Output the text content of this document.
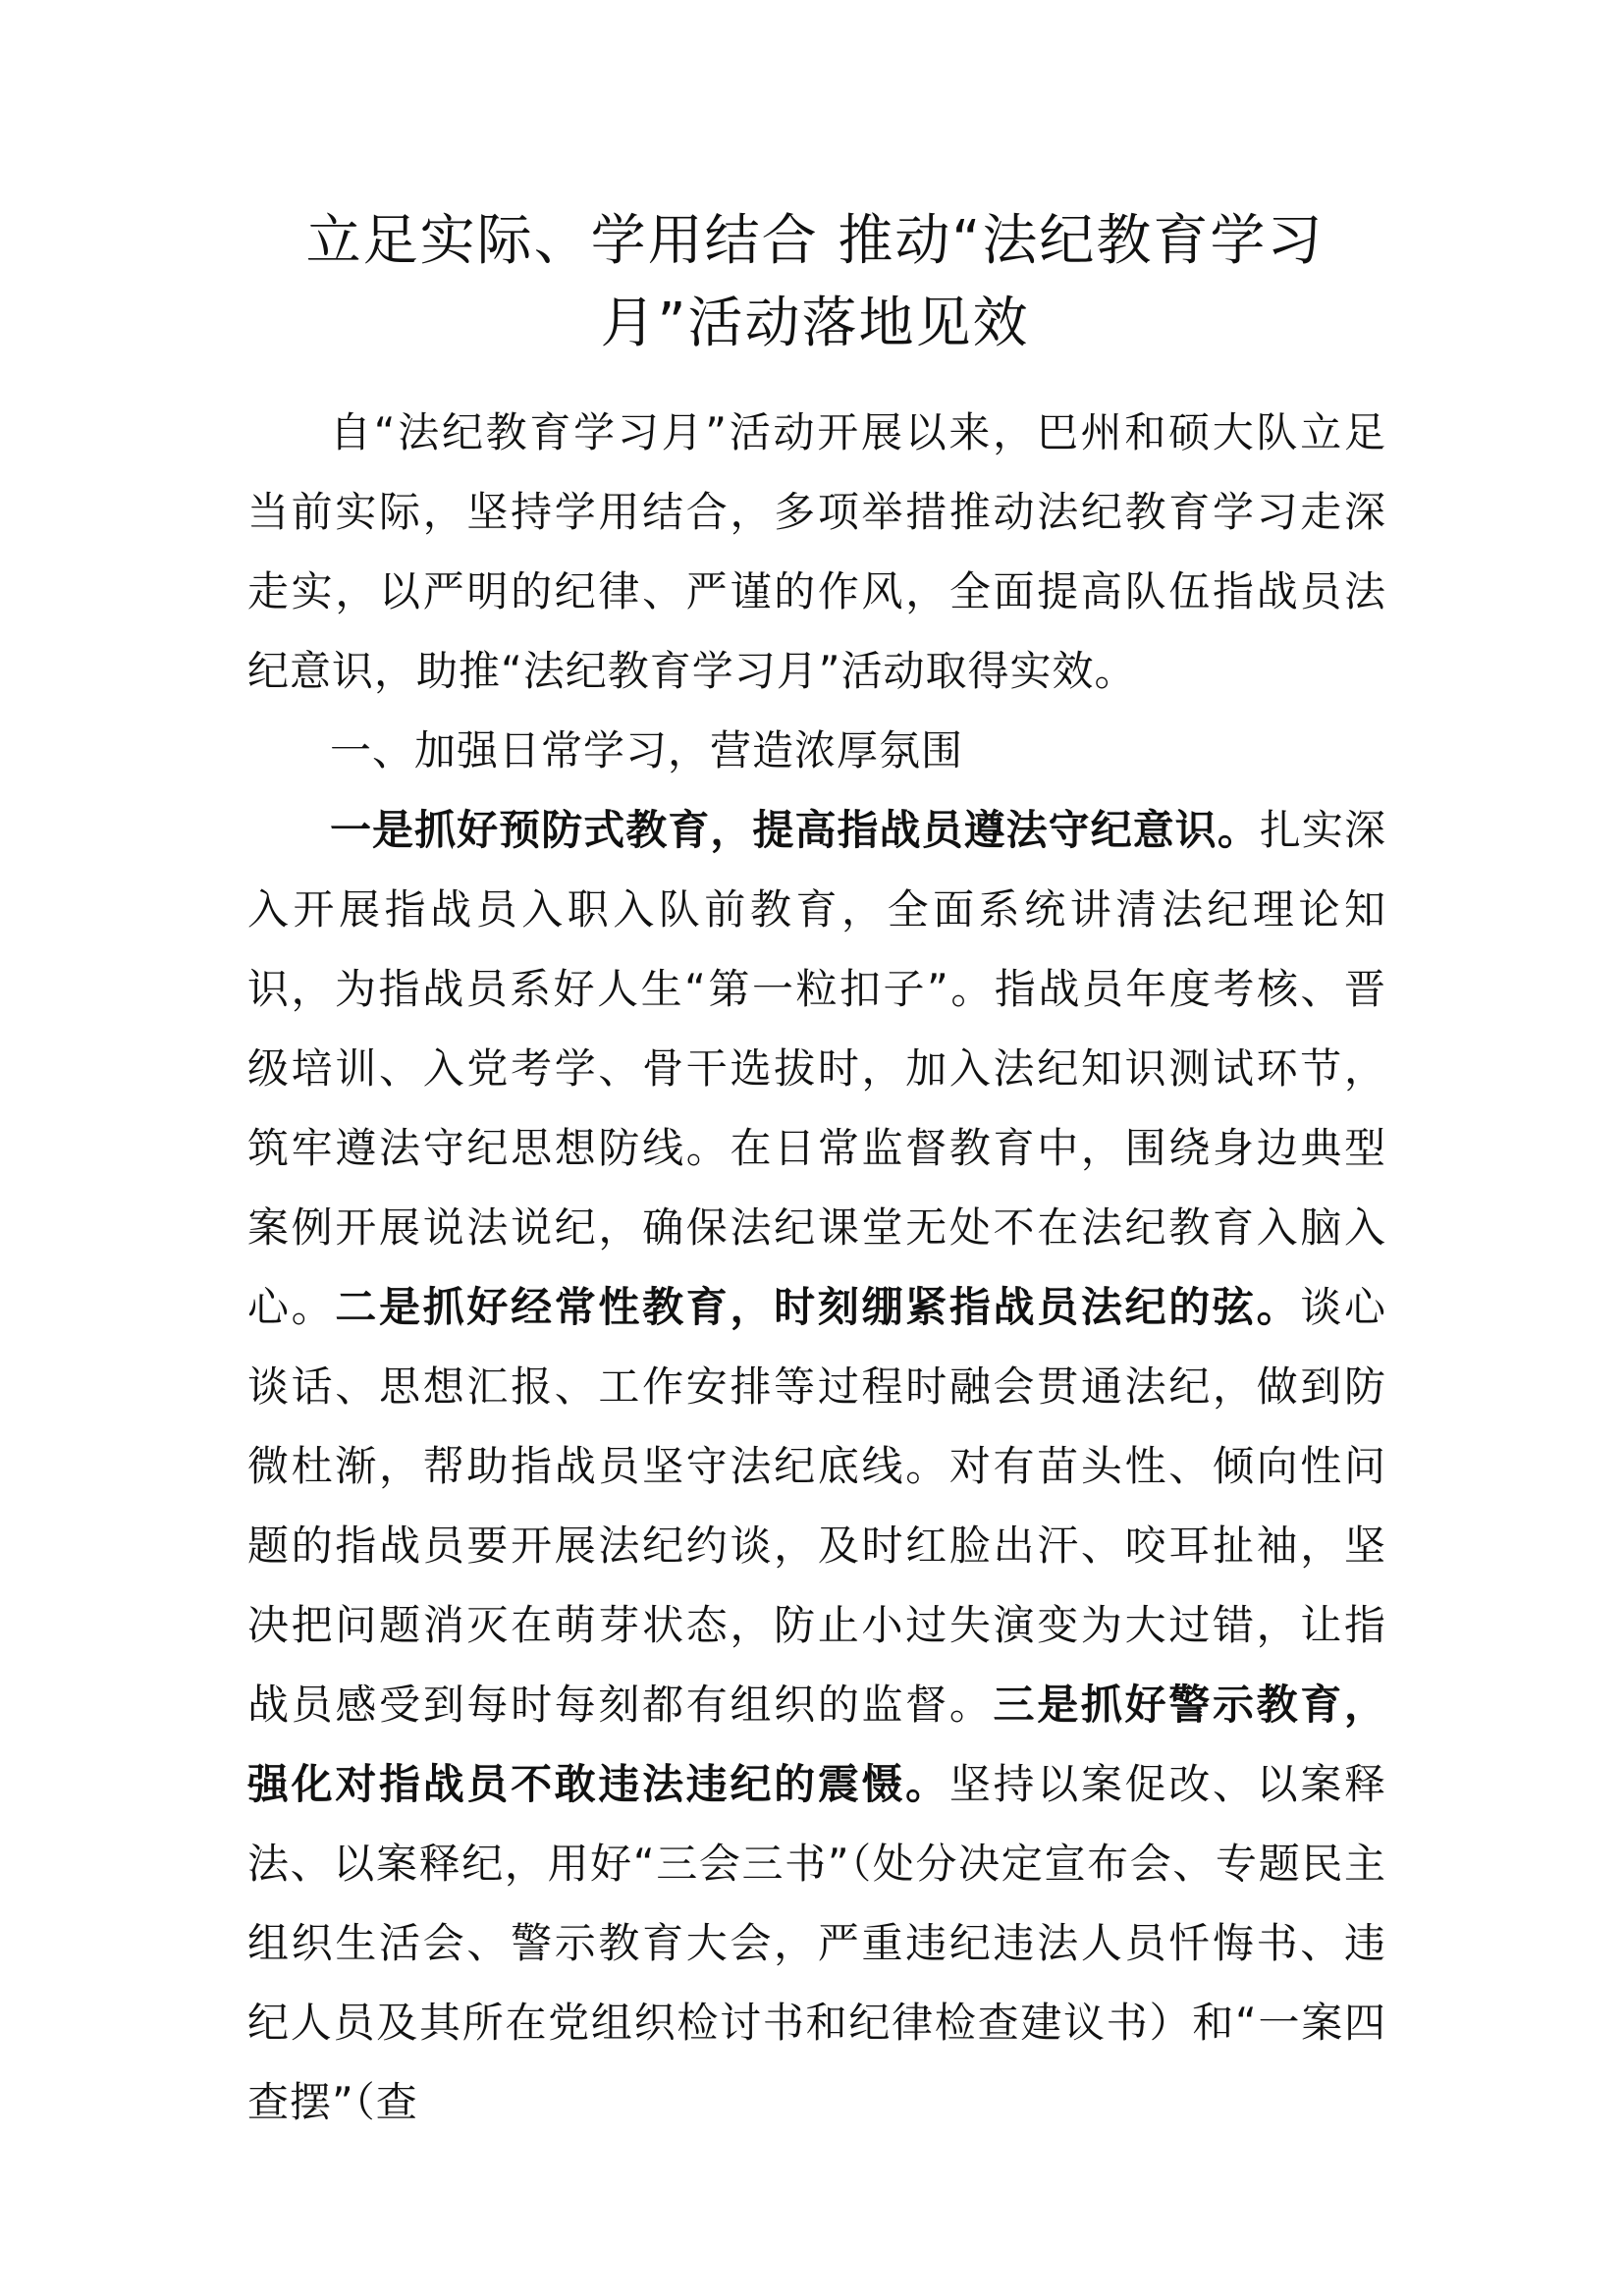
立足实际、学用结合 推动“法纪教育学习月”活动落地见效

自“法纪教育学习月”活动开展以来，巴州和硕大队立足当前实际，坚持学用结合，多项举措推动法纪教育学习走深走实，以严明的纪律、严谨的作风，全面提高队伍指战员法纪意识，助推“法纪教育学习月”活动取得实效。

一、加强日常学习，营造浓厚氛围

一是抓好预防式教育，提高指战员遵法守纪意识。扎实深入开展指战员入职入队前教育，全面系统讲清法纪理论知识，为指战员系好人生“第一粒扣子”。指战员年度考核、晋级培训、入党考学、骨干选拔时，加入法纪知识测试环节，筑牢遵法守纪思想防线。在日常监督教育中，围绕身边典型案例开展说法说纪，确保法纪课堂无处不在法纪教育入脑入心。二是抓好经常性教育，时刻绷紧指战员法纪的弦。谈心谈话、思想汇报、工作安排等过程时融会贯通法纪，做到防微杜渐，帮助指战员坚守法纪底线。对有苗头性、倾向性问题的指战员要开展法纪约谈，及时红脸出汗、咬耳扯袖，坚决把问题消灭在萌芽状态，防止小过失演变为大过错，让指战员感受到每时每刻都有组织的监督。三是抓好警示教育，强化对指战员不敢违法违纪的震慑。坚持以案促改、以案释法、以案释纪，用好“三会三书”（处分决定宣布会、专题民主组织生活会、警示教育大会，严重违纪违法人员忏悔书、违纪人员及其所在党组织检讨书和纪律检查建议书）和“一案四查摆”（查
